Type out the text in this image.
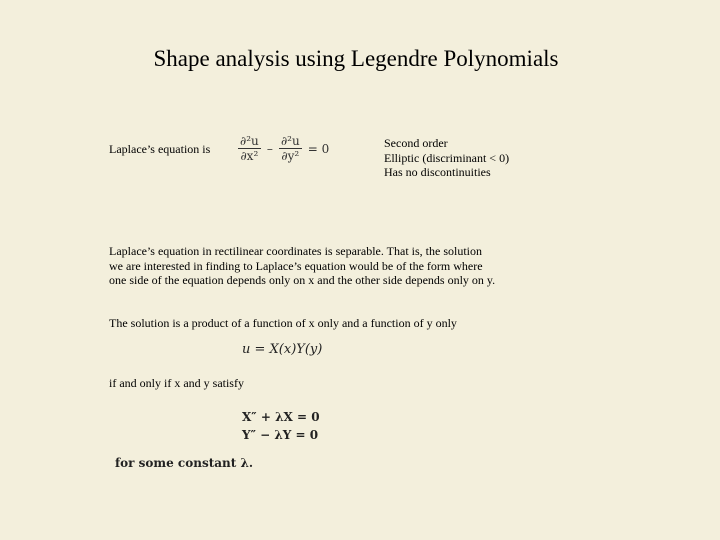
Shape analysis using Legendre Polynomials
Laplace’s equation is $\frac{\text{∂²u}}{\text{∂x²}} - \frac{\text{∂²u}}{\text{∂y²}} = 0$	Second order
Elliptic (discriminant < 0)
Has no discontinuities
Laplace’s equation in rectilinear coordinates is separable. That is, the solution
we are interested in finding to Laplace’s equation would be of the form where
one side of the equation depends only on x and the other side depends only on y.
The solution is a product of a function of x only and a function of y only
u = X(x)Y(y)
if and only if x and y satisfy
X″ + λX = 0
Y″ − λY = 0
for some constant λ.
